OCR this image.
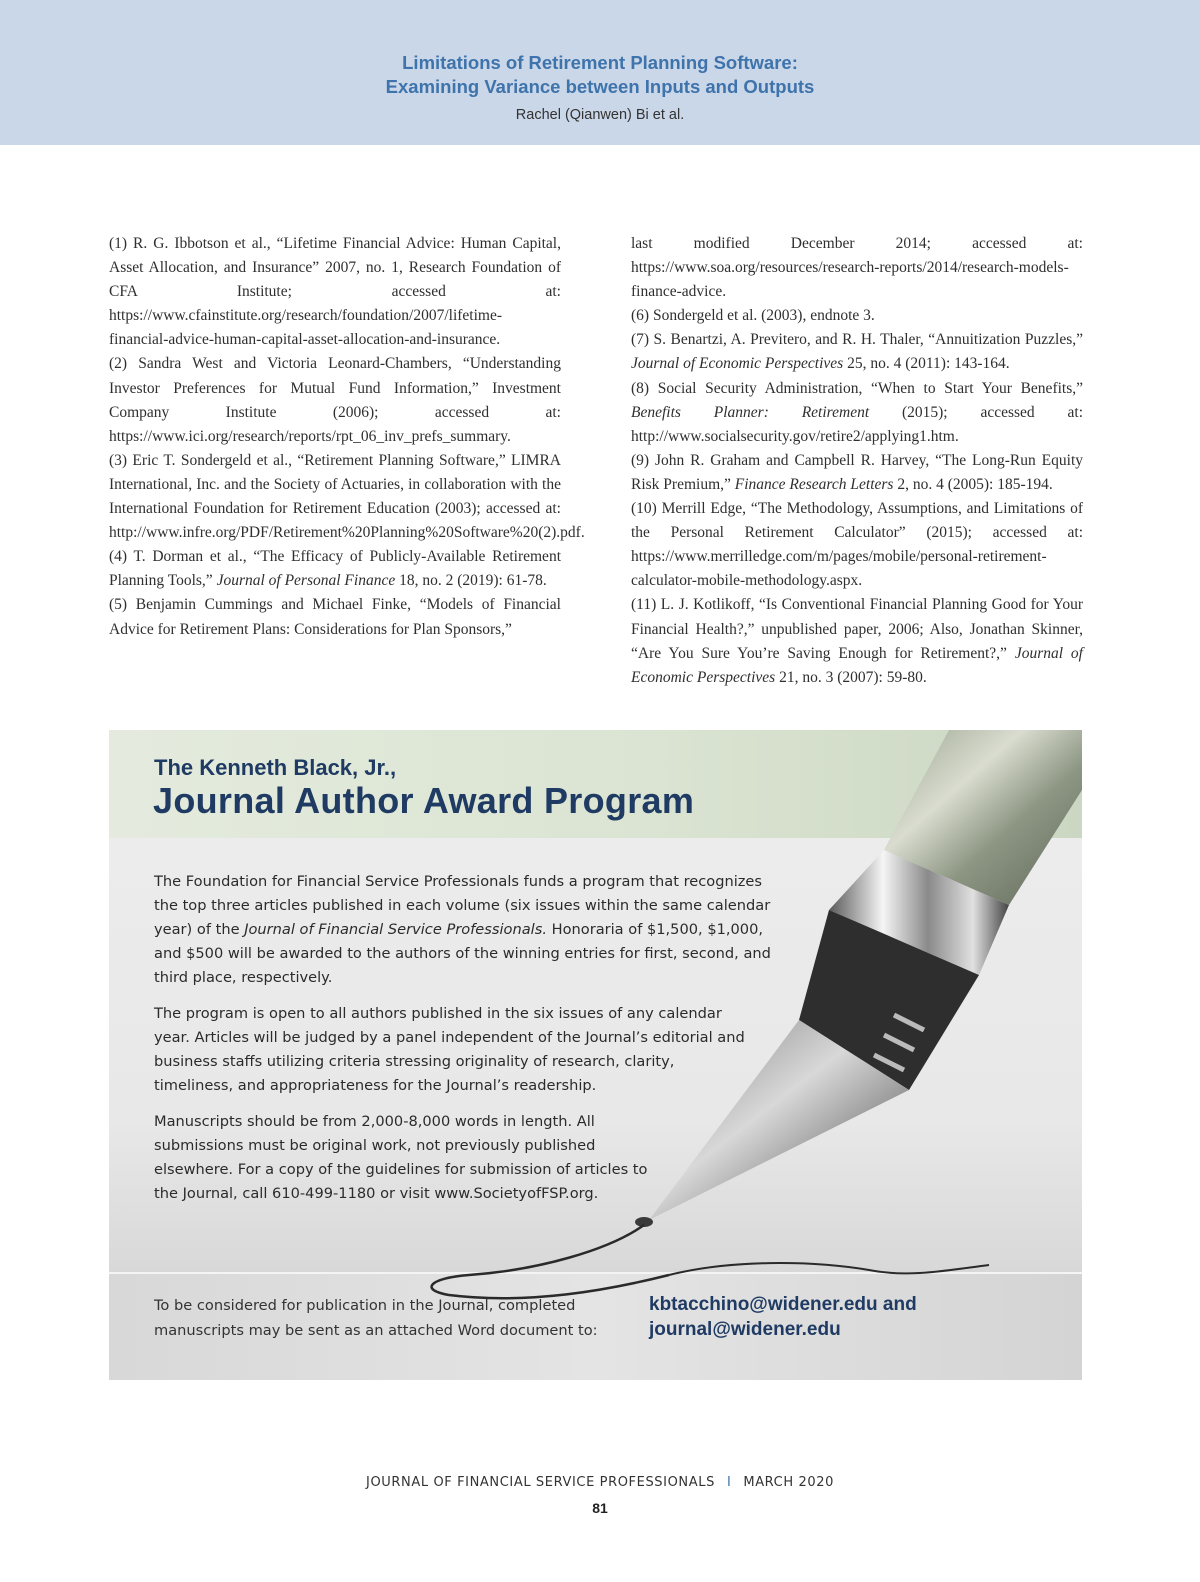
Limitations of Retirement Planning Software:
Examining Variance between Inputs and Outputs
Rachel (Qianwen) Bi et al.

(1) R. G. Ibbotson et al., “Lifetime Financial Advice: Human Capital, Asset Allocation, and Insurance” 2007, no. 1, Research Foundation of CFA Institute; accessed at: https://www.cfainstitute.org/research/foundation/2007/lifetime-financial-advice-human-capital-asset-allocation-and-insurance.

(2) Sandra West and Victoria Leonard-Chambers, “Understanding Investor Preferences for Mutual Fund Information,” Investment Company Institute (2006); accessed at: https://www.ici.org/research/reports/rpt_06_inv_prefs_summary.

(3) Eric T. Sondergeld et al., “Retirement Planning Software,” LIMRA International, Inc. and the Society of Actuaries, in collaboration with the International Foundation for Retirement Education (2003); accessed at: http://www.infre.org/PDF/Retirement%20Planning%20Software%20(2).pdf.

(4) T. Dorman et al., “The Efficacy of Publicly-Available Retirement Planning Tools,” Journal of Personal Finance 18, no. 2 (2019): 61-78.

(5) Benjamin Cummings and Michael Finke, “Models of Financial Advice for Retirement Plans: Considerations for Plan Sponsors,”

last modified December 2014; accessed at: https://www.soa.org/resources/research-reports/2014/research-models-finance-advice.

(6) Sondergeld et al. (2003), endnote 3.

(7) S. Benartzi, A. Previtero, and R. H. Thaler, “Annuitization Puzzles,” Journal of Economic Perspectives 25, no. 4 (2011): 143-164.

(8) Social Security Administration, “When to Start Your Benefits,” Benefits Planner: Retirement (2015); accessed at: http://www.socialsecurity.gov/retire2/applying1.htm.

(9) John R. Graham and Campbell R. Harvey, “The Long-Run Equity Risk Premium,” Finance Research Letters 2, no. 4 (2005): 185-194.

(10) Merrill Edge, “The Methodology, Assumptions, and Limitations of the Personal Retirement Calculator” (2015); accessed at: https://www.merrilledge.com/m/pages/mobile/personal-retirement-calculator-mobile-methodology.aspx.

(11) L. J. Kotlikoff, “Is Conventional Financial Planning Good for Your Financial Health?,” unpublished paper, 2006; Also, Jonathan Skinner, “Are You Sure You’re Saving Enough for Retirement?,” Journal of Economic Perspectives 21, no. 3 (2007): 59-80.

The Kenneth Black, Jr.,
Journal Author Award Program
The Foundation for Financial Service Professionals funds a program that recognizes the top three articles published in each volume (six issues within the same calendar year) of the Journal of Financial Service Professionals. Honoraria of $1,500, $1,000, and $500 will be awarded to the authors of the winning entries for first, second, and third place, respectively.
The program is open to all authors published in the six issues of any calendar year. Articles will be judged by a panel independent of the Journal’s editorial and business staffs utilizing criteria stressing originality of research, clarity, timeliness, and appropriateness for the Journal’s readership.
Manuscripts should be from 2,000-8,000 words in length. All submissions must be original work, not previously published elsewhere. For a copy of the guidelines for submission of articles to the Journal, call 610-499-1180 or visit www.SocietyofFSP.org.
To be considered for publication in the Journal, completed manuscripts may be sent as an attached Word document to:
kbtacchino@widener.edu and
journal@widener.edu
JOURNAL OF FINANCIAL SERVICE PROFESSIONALS I MARCH 2020
81
